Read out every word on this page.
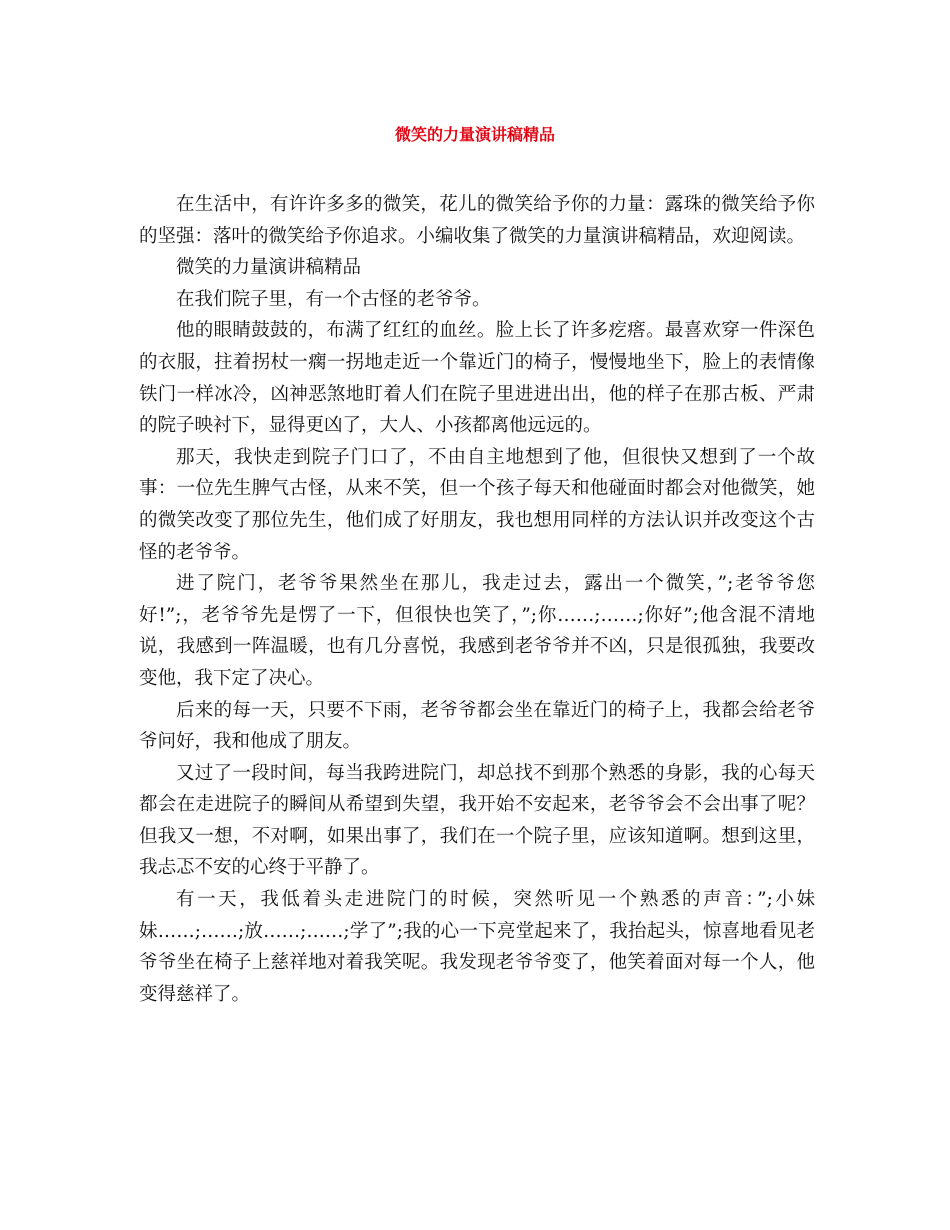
微笑的力量演讲稿精品

在生活中，有许许多多的微笑，花儿的微笑给予你的力量：露珠的微笑给予你的坚强：落叶的微笑给予你追求。小编收集了微笑的力量演讲稿精品，欢迎阅读。

微笑的力量演讲稿精品

在我们院子里，有一个古怪的老爷爷。

他的眼睛鼓鼓的，布满了红红的血丝。脸上长了许多疙瘩。最喜欢穿一件深色的衣服，拄着拐杖一瘸一拐地走近一个靠近门的椅子，慢慢地坐下，脸上的表情像铁门一样冰冷，凶神恶煞地盯着人们在院子里进进出出，他的样子在那古板、严肃的院子映衬下，显得更凶了，大人、小孩都离他远远的。

那天，我快走到院子门口了，不由自主地想到了他，但很快又想到了一个故事：一位先生脾气古怪，从来不笑，但一个孩子每天和他碰面时都会对他微笑，她的微笑改变了那位先生，他们成了好朋友，我也想用同样的方法认识并改变这个古怪的老爷爷。

进了院门，老爷爷果然坐在那儿，我走过去，露出一个微笑，”;老爷爷您好!”;，老爷爷先是愣了一下，但很快也笑了，”;你……;……;你好”;他含混不清地说，我感到一阵温暖，也有几分喜悦，我感到老爷爷并不凶，只是很孤独，我要改变他，我下定了决心。

后来的每一天，只要不下雨，老爷爷都会坐在靠近门的椅子上，我都会给老爷爷问好，我和他成了朋友。

又过了一段时间，每当我跨进院门，却总找不到那个熟悉的身影，我的心每天都会在走进院子的瞬间从希望到失望，我开始不安起来，老爷爷会不会出事了呢？但我又一想，不对啊，如果出事了，我们在一个院子里，应该知道啊。想到这里，我忐忑不安的心终于平静了。

有一天，我低着头走进院门的时候，突然听见一个熟悉的声音：”;小妹妹……;……;放……;……;学了”;我的心一下亮堂起来了，我抬起头，惊喜地看见老爷爷坐在椅子上慈祥地对着我笑呢。我发现老爷爷变了，他笑着面对每一个人，他变得慈祥了。
